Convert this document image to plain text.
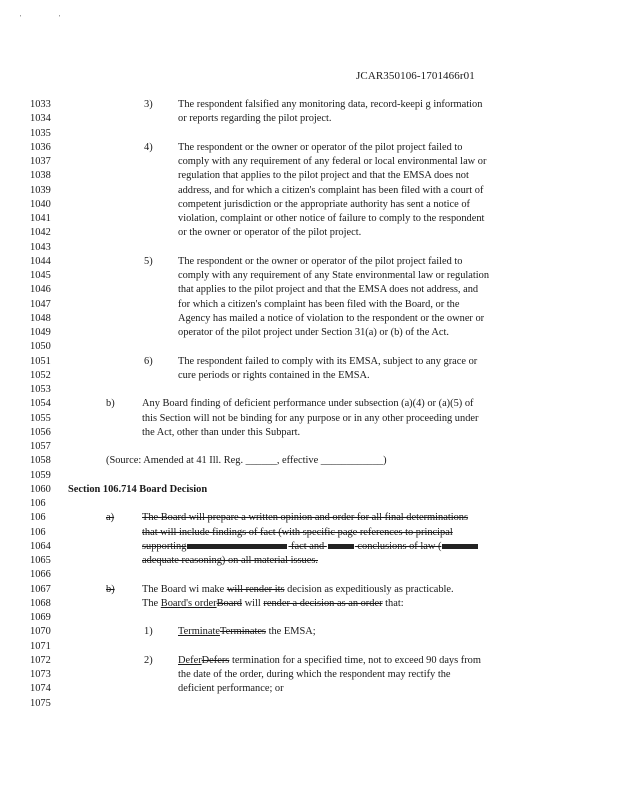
'	'
JCAR350106-1701466r01
1033	3) The respondent falsified any monitoring data, record-keepi g information
1034	or reports regarding the pilot project.
1035
1036	4) The respondent or the owner or operator of the pilot project failed to
1037	comply with any requirement of any federal or local environmental law or
1038	regulation that applies to the pilot project and that the EMSA does not
1039	address, and for which a citizen's complaint has been filed with a court of
1040	competent jurisdiction or the appropriate authority has sent a notice of
1041	violation, complaint or other notice of failure to comply to the respondent
1042	or the owner or operator of the pilot project.
1043
1044	5) The respondent or the owner or operator of the pilot project failed to
1045	comply with any requirement of any State environmental law or regulation
1046	that applies to the pilot project and that the EMSA does not address, and
1047	for which a citizen's complaint has been filed with the Board, or the
1048	Agency has mailed a notice of violation to the respondent or the owner or
1049	operator of the pilot project under Section 31(a) or (b) of the Act.
1050
1051	6) The respondent failed to comply with its EMSA, subject to any grace or
1052	cure periods or rights contained in the EMSA.
1053
1054	b)	Any Board finding of deficient performance under subsection (a)(4) or (a)(5) of
1055	this Section will not be binding for any purpose or in any other proceeding under
1056	the Act, other than under this Subpart.
1057
1058	(Source: Amended at 41 Ill. Reg. ______, effective ____________)
1059
1060 Section 106.714 Board Decision
106
106	a)	The Board will prepare a written opinion and order for all final determinations
106	that will include findings of fact (with specific page references to principal
1064	supporting	fact and	conclusions of law (
1065	adequate reasoning) on all material issues.
1066
1067	b)	The Board wi make will render its decision as expeditiously as practicable.
1068	The Board's orderBoard will render a decision as an order that:
1069
1070	1) TerminateTerminates the EMSA;
1071
1072	2) DeferDefers termination for a specified time, not to exceed 90 days from
1073	the date of the order, during which the respondent may rectify the
1074	deficient performance; or
1075
